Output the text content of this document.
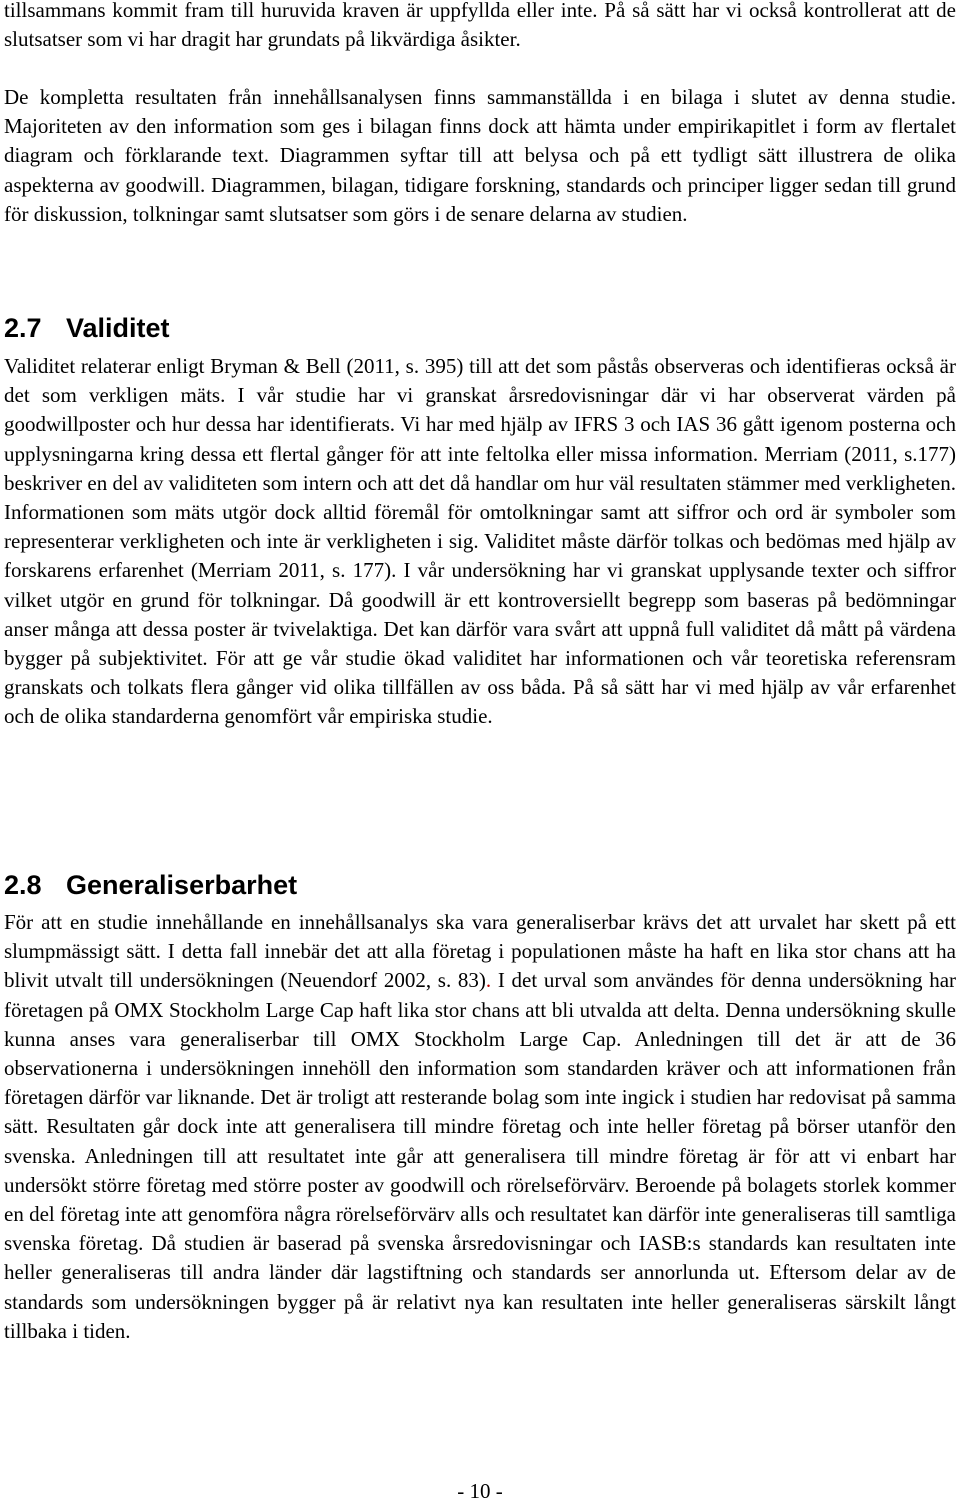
tillsammans kommit fram till huruvida kraven är uppfyllda eller inte. På så sätt har vi också kontrollerat att de slutsatser som vi har dragit har grundats på likvärdiga åsikter.

De kompletta resultaten från innehållsanalysen finns sammanställda i en bilaga i slutet av denna studie. Majoriteten av den information som ges i bilagan finns dock att hämta under empirikapitlet i form av flertalet diagram och förklarande text. Diagrammen syftar till att belysa och på ett tydligt sätt illustrera de olika aspekterna av goodwill. Diagrammen, bilagan, tidigare forskning, standards och principer ligger sedan till grund för diskussion, tolkningar samt slutsatser som görs i de senare delarna av studien.

2.7 Validitet

Validitet relaterar enligt Bryman & Bell (2011, s. 395) till att det som påstås observeras och identifieras också är det som verkligen mäts. I vår studie har vi granskat årsredovisningar där vi har observerat värden på goodwillposter och hur dessa har identifierats. Vi har med hjälp av IFRS 3 och IAS 36 gått igenom posterna och upplysningarna kring dessa ett flertal gånger för att inte feltolka eller missa information. Merriam (2011, s.177) beskriver en del av validiteten som intern och att det då handlar om hur väl resultaten stämmer med verkligheten. Informationen som mäts utgör dock alltid föremål för omtolkningar samt att siffror och ord är symboler som representerar verkligheten och inte är verkligheten i sig. Validitet måste därför tolkas och bedömas med hjälp av forskarens erfarenhet (Merriam 2011, s. 177). I vår undersökning har vi granskat upplysande texter och siffror vilket utgör en grund för tolkningar. Då goodwill är ett kontroversiellt begrepp som baseras på bedömningar anser många att dessa poster är tvivelaktiga. Det kan därför vara svårt att uppnå full validitet då mått på värdena bygger på subjektivitet. För att ge vår studie ökad validitet har informationen och vår teoretiska referensram granskats och tolkats flera gånger vid olika tillfällen av oss båda. På så sätt har vi med hjälp av vår erfarenhet och de olika standarderna genomfört vår empiriska studie.

2.8 Generaliserbarhet

För att en studie innehållande en innehållsanalys ska vara generaliserbar krävs det att urvalet har skett på ett slumpmässigt sätt. I detta fall innebär det att alla företag i populationen måste ha haft en lika stor chans att ha blivit utvalt till undersökningen (Neuendorf 2002, s. 83). I det urval som användes för denna undersökning har företagen på OMX Stockholm Large Cap haft lika stor chans att bli utvalda att delta. Denna undersökning skulle kunna anses vara generaliserbar till OMX Stockholm Large Cap. Anledningen till det är att de 36 observationerna i undersökningen innehöll den information som standarden kräver och att informationen från företagen därför var liknande. Det är troligt att resterande bolag som inte ingick i studien har redovisat på samma sätt. Resultaten går dock inte att generalisera till mindre företag och inte heller företag på börser utanför den svenska. Anledningen till att resultatet inte går att generalisera till mindre företag är för att vi enbart har undersökt större företag med större poster av goodwill och rörelseförvärv. Beroende på bolagets storlek kommer en del företag inte att genomföra några rörelseförvärv alls och resultatet kan därför inte generaliseras till samtliga svenska företag. Då studien är baserad på svenska årsredovisningar och IASB:s standards kan resultaten inte heller generaliseras till andra länder där lagstiftning och standards ser annorlunda ut. Eftersom delar av de standards som undersökningen bygger på är relativt nya kan resultaten inte heller generaliseras särskilt långt tillbaka i tiden.

- 10 -
